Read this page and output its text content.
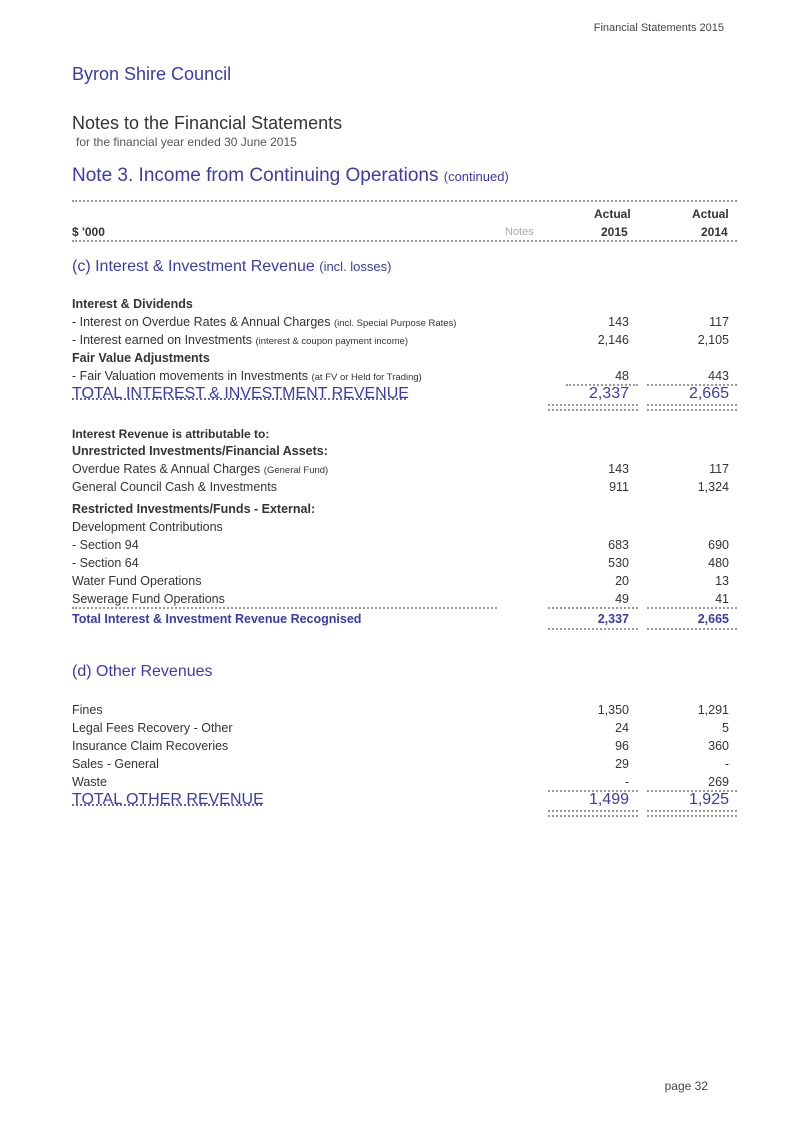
Financial Statements 2015
Byron Shire Council
Notes to the Financial Statements
for the financial year ended 30 June 2015
Note 3. Income from Continuing Operations (continued)
Actual	Actual
$ '000	Notes	2015	2014
(c) Interest & Investment Revenue (incl. losses)
Interest & Dividends
- Interest on Overdue Rates & Annual Charges (incl. Special Purpose Rates)	143	117
- Interest earned on Investments (interest & coupon payment income)	2,146	2,105
Fair Value Adjustments
- Fair Valuation movements in Investments (at FV or Held for Trading)	48	443
TOTAL INTEREST & INVESTMENT REVENUE	2,337	2,665
Interest Revenue is attributable to:
Unrestricted Investments/Financial Assets:
Overdue Rates & Annual Charges (General Fund)	143	117
General Council Cash & Investments	911	1,324
Restricted Investments/Funds - External:
Development Contributions
- Section 94	683	690
- Section 64	530	480
Water Fund Operations	20	13
Sewerage Fund Operations	49	41
Total Interest & Investment Revenue Recognised	2,337	2,665
(d) Other Revenues
Fines	1,350	1,291
Legal Fees Recovery - Other	24	5
Insurance Claim Recoveries	96	360
Sales - General	29	-
Waste	-	269
TOTAL OTHER REVENUE	1,499	1,925
page 32
